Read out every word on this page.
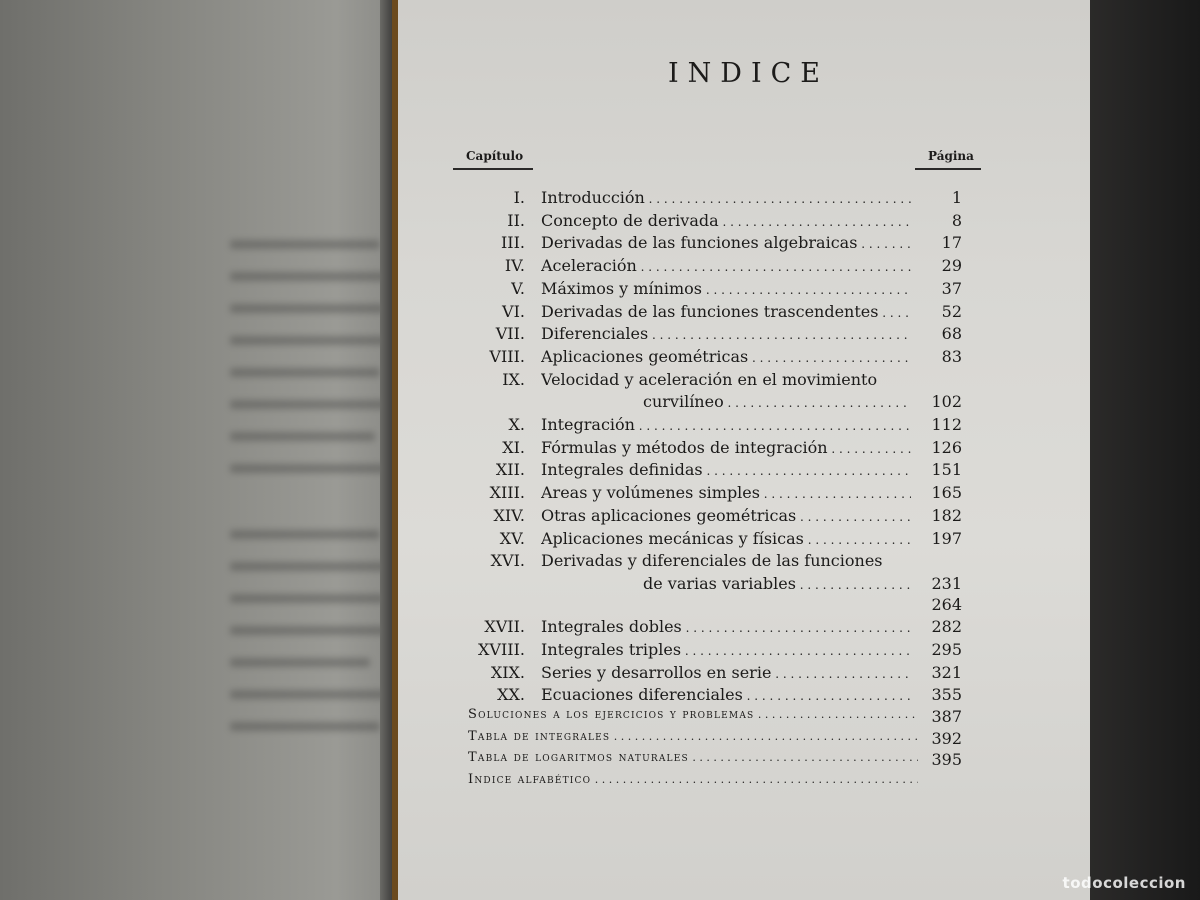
INDICE
Capítulo	Página
I. Introducción . . .	1
II. Concepto de derivada . . .	8
III. Derivadas de las funciones algebraicas . . .	17
IV. Aceleración . . .	29
V. Máximos y mínimos . . .	37
VI. Derivadas de las funciones trascendentes . . .	52
VII. Diferenciales . . .	68
VIII. Aplicaciones geométricas . . .	83
IX. Velocidad y aceleración en el movimiento
curvilíneo . . .	102
X. Integración . . .	112
XI. Fórmulas y métodos de integración . . .	126
XII. Integrales definidas . . .	151
XIII. Areas y volúmenes simples . . .	165
XIV. Otras aplicaciones geométricas . . .	182
XV. Aplicaciones mecánicas y físicas . . .	197
XVI. Derivadas y diferenciales de las funciones
de varias variables . . .	231
264
XVII. Integrales dobles . . .	282
XVIII. Integrales triples . . .	295
XIX. Series y desarrollos en serie . . .	321
XX. Ecuaciones diferenciales . . .	355
Soluciones a los ejercicios y problemas . . .	387
Tabla de integrales . . .	392
Tabla de logaritmos naturales . . .	395
Indice alfabético . . .
todocoleccion
